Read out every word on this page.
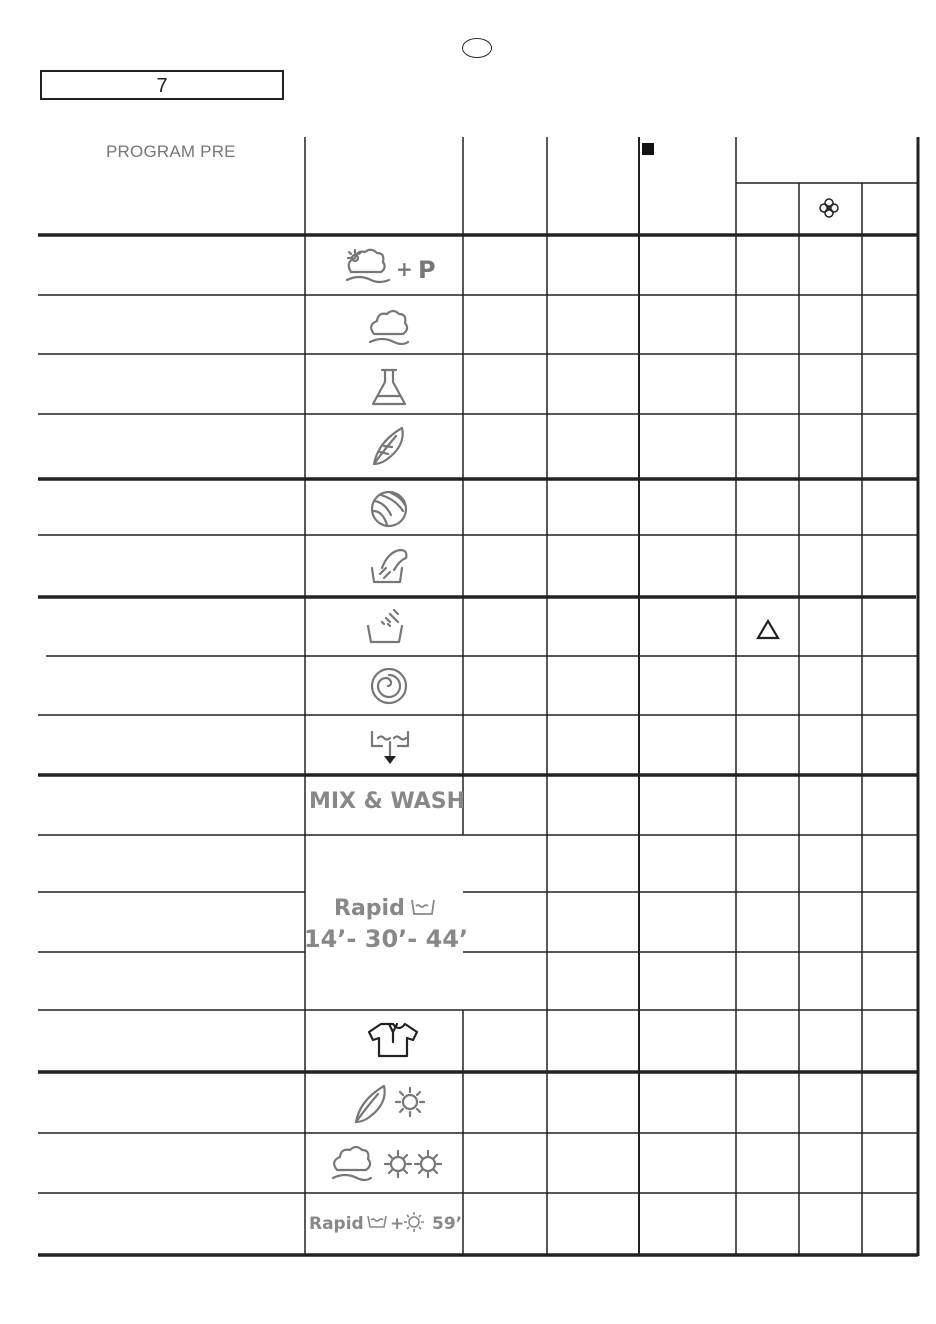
7
PROGRAM PRE
+ P
MIX & WASH
Rapid
14’- 30’- 44’
Rapid + 59’
